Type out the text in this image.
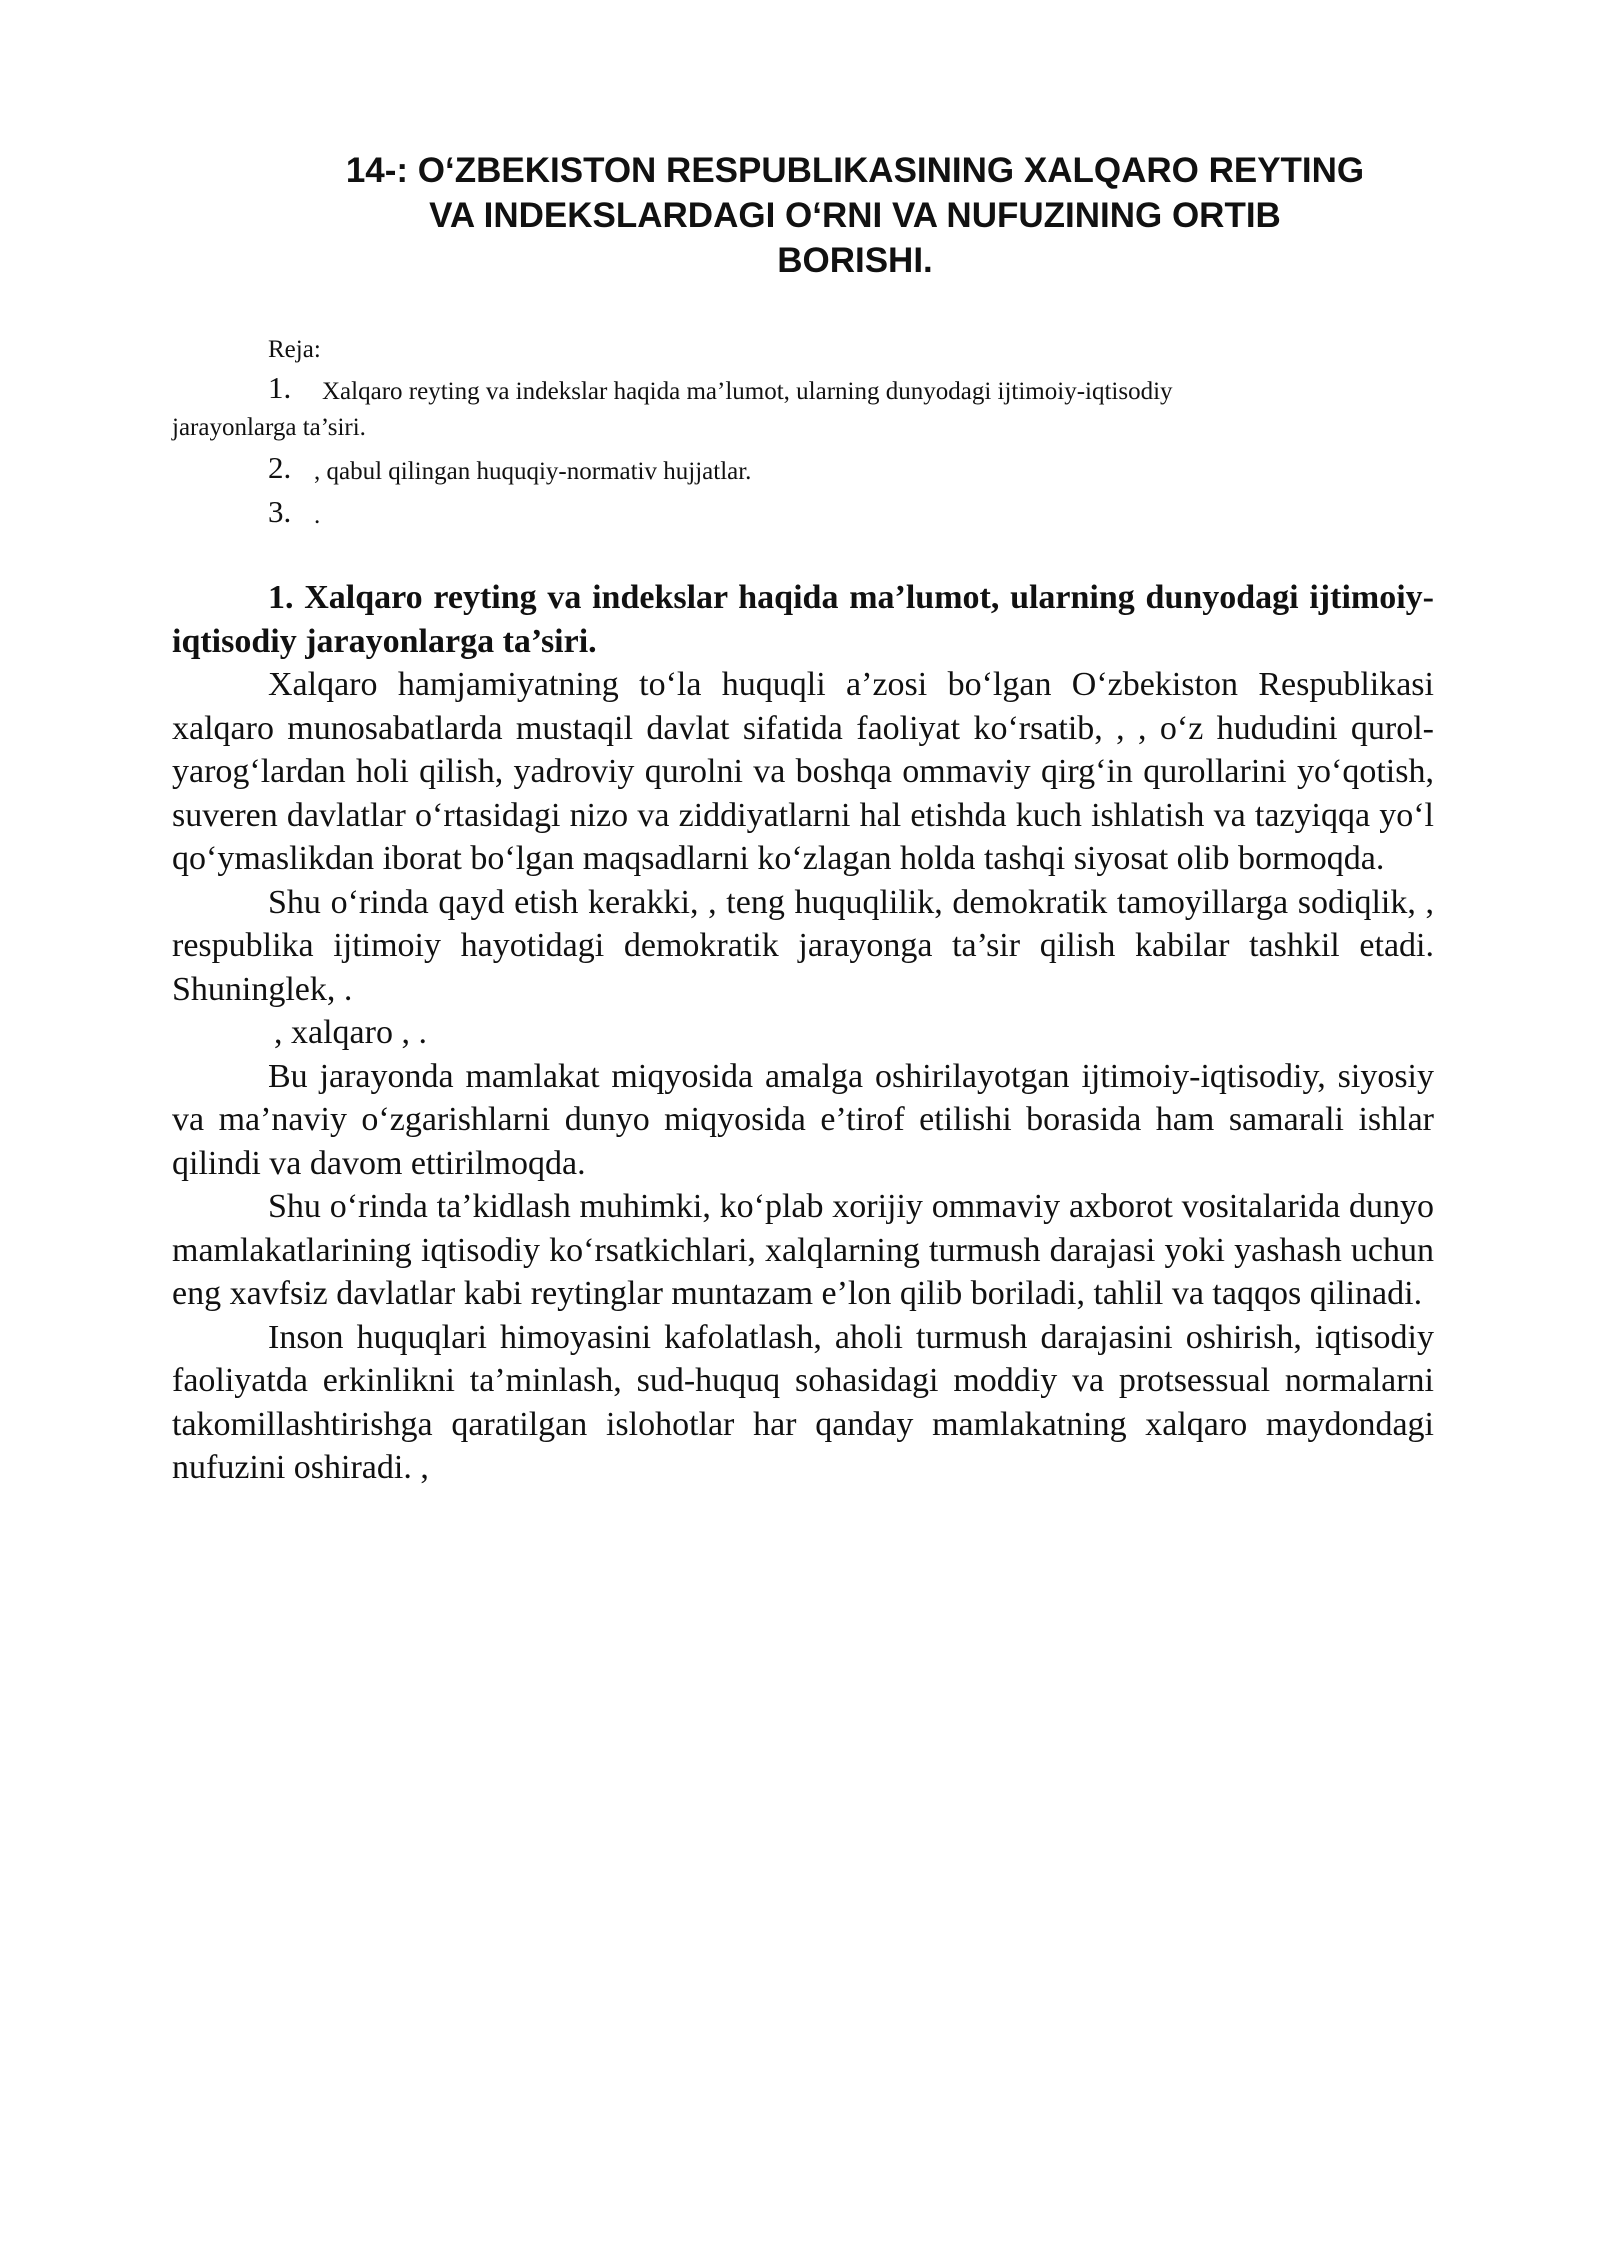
14-: O‘ZBEKISTON RESPUBLIKASINING XALQARO REYTING
VA INDEKSLARDAGI O‘RNI VA NUFUZINING ORTIB
BORISHI.
Reja:
1.	Xalqaro reyting va indekslar haqida ma’lumot, ularning dunyodagi ijtimoiy-iqtisodiy
jarayonlarga ta’siri.
2. , qabul qilingan huquqiy-normativ hujjatlar.
3. .

1. Xalqaro reyting va indekslar haqida ma’lumot, ularning dunyodagi ijtimoiy-iqtisodiy jarayonlarga ta’siri.

Xalqaro hamjamiyatning to‘la huquqli a’zosi bo‘lgan O‘zbekiston Respublikasi xalqaro munosabatlarda mustaqil davlat sifatida faoliyat ko‘rsatib, , , o‘z hududini qurol-yarog‘lardan holi qilish, yadroviy qurolni va boshqa ommaviy qirg‘in qurollarini yo‘qotish, suveren davlatlar o‘rtasidagi nizo va ziddiyatlarni hal etishda kuch ishlatish va tazyiqqa yo‘l qo‘ymaslikdan iborat bo‘lgan maqsadlarni ko‘zlagan holda tashqi siyosat olib bormoqda.

Shu o‘rinda qayd etish kerakki, , teng huquqlilik, demokratik tamoyillarga sodiqlik, , respublika ijtimoiy hayotidagi demokratik jarayonga ta’sir qilish kabilar tashkil etadi. Shuninglek, .

, xalqaro , .

Bu jarayonda mamlakat miqyosida amalga oshirilayotgan ijtimoiy-iqtisodiy, siyosiy va ma’naviy o‘zgarishlarni dunyo miqyosida e’tirof etilishi borasida ham samarali ishlar qilindi va davom ettirilmoqda.

Shu o‘rinda ta’kidlash muhimki, ko‘plab xorijiy ommaviy axborot vositalarida dunyo mamlakatlarining iqtisodiy ko‘rsatkichlari, xalqlarning turmush darajasi yoki yashash uchun eng xavfsiz davlatlar kabi reytinglar muntazam e’lon qilib boriladi, tahlil va taqqos qilinadi.

Inson huquqlari himoyasini kafolatlash, aholi turmush darajasini oshirish, iqtisodiy faoliyatda erkinlikni ta’minlash, sud-huquq sohasidagi moddiy va protsessual normalarni takomillashtirishga qaratilgan islohotlar har qanday mamlakatning xalqaro maydondagi nufuzini oshiradi. ,
